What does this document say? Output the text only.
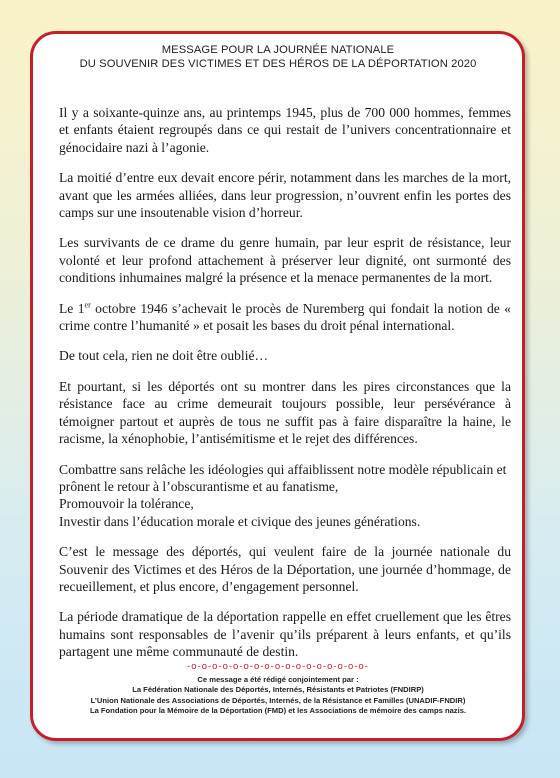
MESSAGE POUR LA JOURNÉE NATIONALE
DU SOUVENIR DES VICTIMES ET DES HÉROS DE LA DÉPORTATION 2020

Il y a soixante-quinze ans, au printemps 1945, plus de 700 000 hommes, femmes et enfants étaient regroupés dans ce qui restait de l’univers concentrationnaire et génocidaire nazi à l’agonie.

La moitié d’entre eux devait encore périr, notamment dans les marches de la mort, avant que les armées alliées, dans leur progression, n’ouvrent enfin les portes des camps sur une insoutenable vision d’horreur.

Les survivants de ce drame du genre humain, par leur esprit de résistance, leur volonté et leur profond attachement à préserver leur dignité, ont surmonté des conditions inhumaines malgré la présence et la menace permanentes de la mort.

Le 1er octobre 1946 s’achevait le procès de Nuremberg qui fondait la notion de « crime contre l’humanité » et posait les bases du droit pénal international.

De tout cela, rien ne doit être oublié…

Et pourtant, si les déportés ont su montrer dans les pires circonstances que la résistance face au crime demeurait toujours possible, leur persévérance à témoigner partout et auprès de tous ne suffit pas à faire disparaître la haine, le racisme, la xénophobie, l’antisémitisme et le rejet des différences.

Combattre sans relâche les idéologies qui affaiblissent notre modèle républicain et prônent le retour à l’obscurantisme et au fanatisme,
Promouvoir la tolérance,
Investir dans l’éducation morale et civique des jeunes générations.

C’est le message des déportés, qui veulent faire de la journée nationale du Souvenir des Victimes et des Héros de la Déportation, une journée d’hommage, de recueillement, et plus encore, d’engagement personnel.

La période dramatique de la déportation rappelle en effet cruellement que les êtres humains sont responsables de l’avenir qu’ils préparent à leurs enfants, et qu’ils partagent une même communauté de destin.

-o-o-o-o-o-o-o-o-o-o-o-o-o-o-o-o-o-
Ce message a été rédigé conjointement par :
La Fédération Nationale des Déportés, Internés, Résistants et Patriotes (FNDIRP)
L’Union Nationale des Associations de Déportés, Internés, de la Résistance et Familles (UNADIF-FNDIR)
La Fondation pour la Mémoire de la Déportation (FMD) et les Associations de mémoire des camps nazis.
